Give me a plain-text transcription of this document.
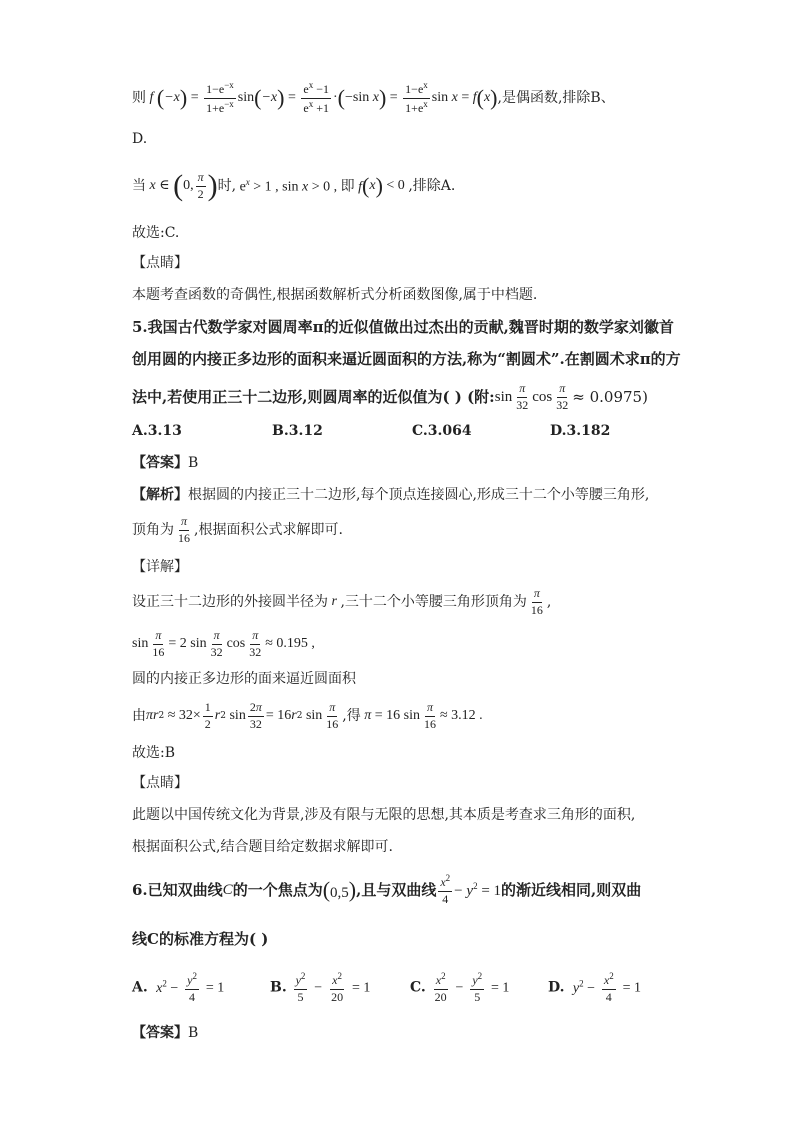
则 f ( −x ) = $\frac{1-e^{-x}}{1+e^{-x}}$ sin ( −x ) = $\frac{e^x -1}{e^x +1}$ · ( −sin x ) = $\frac{1-e^x}{1+e^x}$ sin x = f ( x ) ,是偶函数,排除B、
D.
当 x ∈ ( 0, $\frac{\pi}{2}$ ) 时, $e^x > 1$ , sin x > 0 , 即 f ( x ) < 0 ,排除A.
故选:C.
【点睛】
本题考查函数的奇偶性,根据函数解析式分析函数图像,属于中档题.
5.我国古代数学家对圆周率π的近似值做出过杰出的贡献,魏晋时期的数学家刘徽首
创用圆的内接正多边形的面积来逼近圆面积的方法,称为“割圆术”.在割圆术求π的方
法中,若使用正三十二边形,则圆周率的近似值为( ) (附: $\sin \frac{\pi}{32}$ $\cos \frac{\pi}{32} \approx 0.0975$)
A.3.13	B.3.12	C.3.064	D.3.182
【答案】 B
【解析】 根据圆的内接正三十二边形,每个顶点连接圆心,形成三十二个小等腰三角形,
顶角为 $\frac{\pi}{16}$ ,根据面积公式求解即可.
【详解】
设正三十二边形的外接圆半径为 r ,三十二个小等腰三角形顶角为 $\frac{\pi}{16}$ ,
$\sin \frac{\pi}{16} = 2$ $\sin \frac{\pi}{32}$ $\cos \frac{\pi}{32} \approx 0.195$ ,
圆的内接正多边形的面来逼近圆面积
由 πr $2 \approx 32\times \frac{1}{2}$ r 2 $\sin \frac{2\pi}{32} = 16r$ 2 $\sin \frac{\pi}{16}$ ,得 π = 16 $\sin \frac{\pi}{16} \approx 3.12$ .
故选:B
【点睛】
此题以中国传统文化为背景,涉及有限与无限的思想,其本质是考查求三角形的面积,
根据面积公式,结合题目给定数据求解即可.
6.已知双曲线 C 的一个焦点为 (0,5) ,且与双曲线 $\frac{x^2}{4} - y^2 = 1$ 的渐近线相同,则双曲
线C的标准方程为( )
A. $x^2 - \frac{y^2}{4} = 1$	B. $\frac{y^2}{5} - \frac{x^2}{20} = 1$	C. $\frac{x^2}{20} - \frac{y^2}{5} = 1$	D. $y^2 - \frac{x^2}{4} = 1$
【答案】 B
